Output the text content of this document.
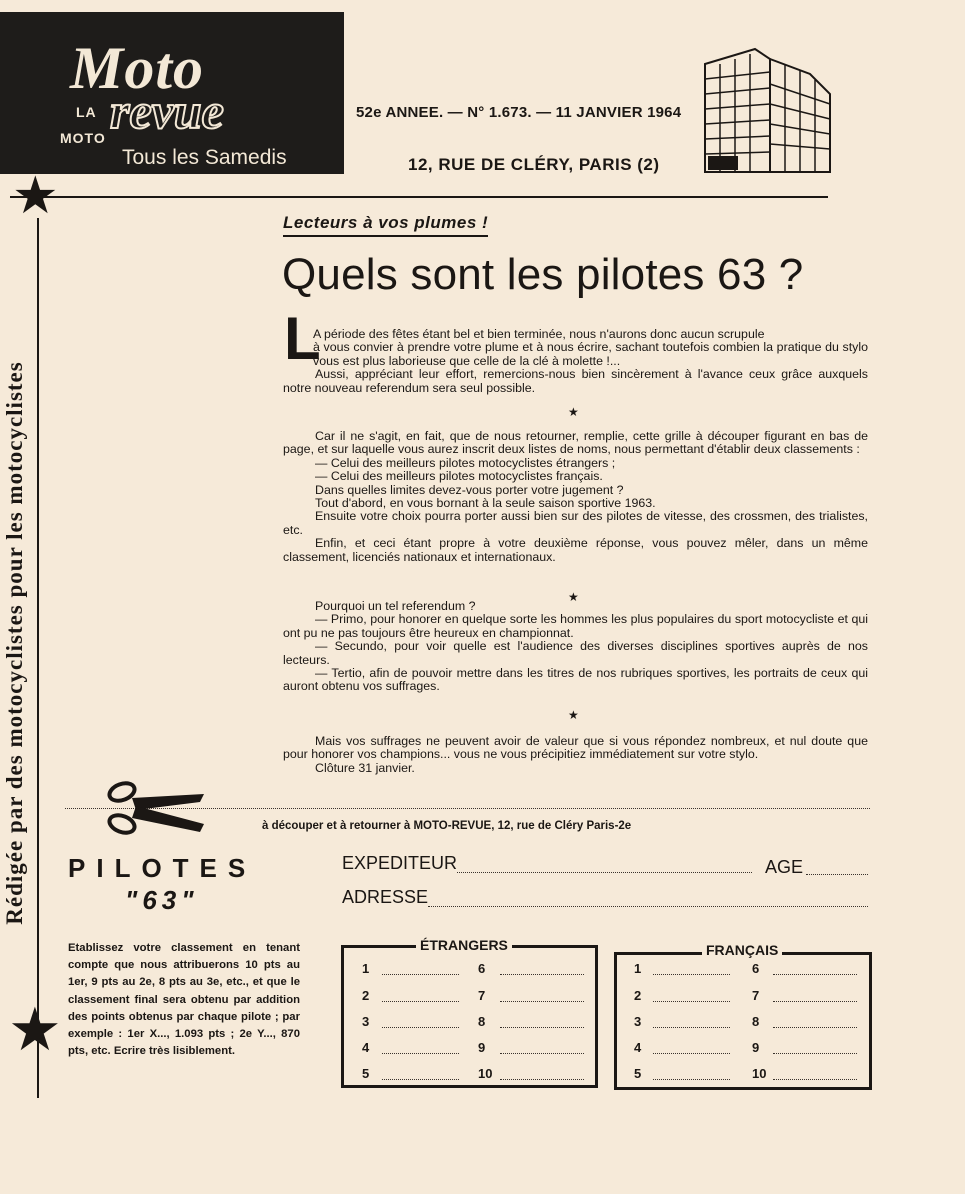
Moto
revue
LA
MOTO
Tous les Samedis
52e ANNEE. — N° 1.673. — 11 JANVIER 1964
12, RUE DE CLÉRY, PARIS (2)
★
Rédigée par des motocyclistes pour les motocyclistes
★
Lecteurs à vos plumes !
Quels sont les pilotes 63 ?
L

A période des fêtes étant bel et bien terminée, nous n'aurons donc aucun scrupule

à vous convier à prendre votre plume et à nous écrire, sachant toutefois combien la pratique du stylo vous est plus laborieuse que celle de la clé à molette !...

Aussi, appréciant leur effort, remercions-nous bien sincèrement à l'avance ceux grâce auxquels notre nouveau referendum sera seul possible.

★

Car il ne s'agit, en fait, que de nous retourner, remplie, cette grille à découper figurant en bas de page, et sur laquelle vous aurez inscrit deux listes de noms, nous permettant d'établir deux classements :

— Celui des meilleurs pilotes motocyclistes étrangers ;

— Celui des meilleurs pilotes motocyclistes français.

Dans quelles limites devez-vous porter votre jugement ?

Tout d'abord, en vous bornant à la seule saison sportive 1963.

Ensuite votre choix pourra porter aussi bien sur des pilotes de vitesse, des crossmen, des trialistes, etc.

Enfin, et ceci étant propre à votre deuxième réponse, vous pouvez mêler, dans un même classement, licenciés nationaux et internationaux.

★

Pourquoi un tel referendum ?

— Primo, pour honorer en quelque sorte les hommes les plus populaires du sport motocycliste et qui ont pu ne pas toujours être heureux en championnat.

— Secundo, pour voir quelle est l'audience des diverses disciplines sportives auprès de nos lecteurs.

— Tertio, afin de pouvoir mettre dans les titres de nos rubriques sportives, les portraits de ceux qui auront obtenu vos suffrages.

★

Mais vos suffrages ne peuvent avoir de valeur que si vous répondez nombreux, et nul doute que pour honorer vos champions... vous ne vous précipitiez immédiatement sur votre stylo.

Clôture 31 janvier.

à découper et à retourner à MOTO-REVUE, 12, rue de Cléry Paris-2e
PILOTES
"63"
Etablissez votre classement en tenant compte que nous attribuerons 10 pts au 1er, 9 pts au 2e, 8 pts au 3e, etc., et que le classement final sera obtenu par addition des points obtenus par chaque pilote ; par exemple : 1er X..., 1.093 pts ; 2e Y..., 870 pts, etc. Ecrire très lisiblement.
EXPEDITEUR	AGE
ADRESSE
ÉTRANGERS
1	6
2	7
3	8
4	9
5	10
FRANÇAIS
1	6
2	7
3	8
4	9
5	10
